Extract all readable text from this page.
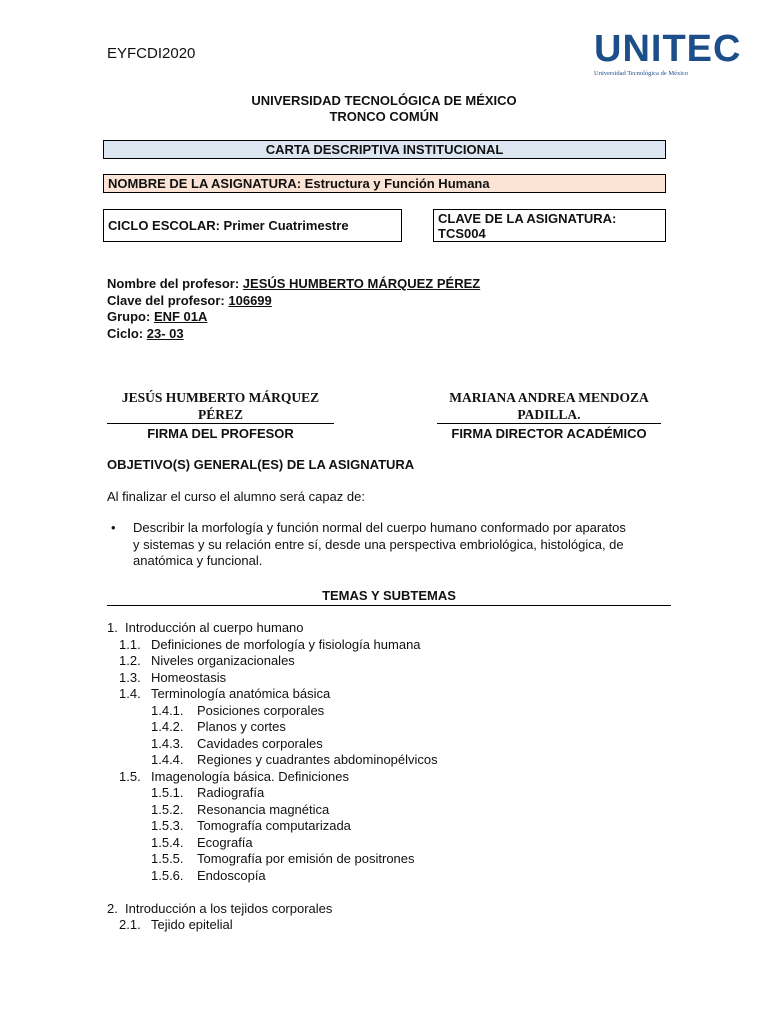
EYFCDI2020	UNITEC
Universidad Tecnológica de México
UNIVERSIDAD TECNOLÓGICA DE MÉXICO
TRONCO COMÚN
CARTA DESCRIPTIVA INSTITUCIONAL
NOMBRE DE LA ASIGNATURA: Estructura y Función Humana
CICLO ESCOLAR: Primer Cuatrimestre	CLAVE DE LA ASIGNATURA:
TCS004
Nombre del profesor: JESÚS HUMBERTO MÁRQUEZ PÉREZ
Clave del profesor: 106699
Grupo: ENF 01A
Ciclo: 23- 03
JESÚS HUMBERTO MÁRQUEZ
PÉREZ
FIRMA DEL PROFESOR
MARIANA ANDREA MENDOZA
PADILLA.
FIRMA DIRECTOR ACADÉMICO
OBJETIVO(S) GENERAL(ES) DE LA ASIGNATURA
Al finalizar el curso el alumno será capaz de:
• Describir la morfología y función normal del cuerpo humano conformado por aparatos
y sistemas y su relación entre sí, desde una perspectiva embriológica, histológica, de
anatómica y funcional.
TEMAS Y SUBTEMAS
1. Introducción al cuerpo humano
1.1. Definiciones de morfología y fisiología humana
1.2. Niveles organizacionales
1.3. Homeostasis
1.4. Terminología anatómica básica
1.4.1. Posiciones corporales
1.4.2. Planos y cortes
1.4.3. Cavidades corporales
1.4.4. Regiones y cuadrantes abdominopélvicos
1.5. Imagenología básica. Definiciones
1.5.1. Radiografía
1.5.2. Resonancia magnética
1.5.3. Tomografía computarizada
1.5.4. Ecografía
1.5.5. Tomografía por emisión de positrones
1.5.6. Endoscopía
2. Introducción a los tejidos corporales
2.1. Tejido epitelial
